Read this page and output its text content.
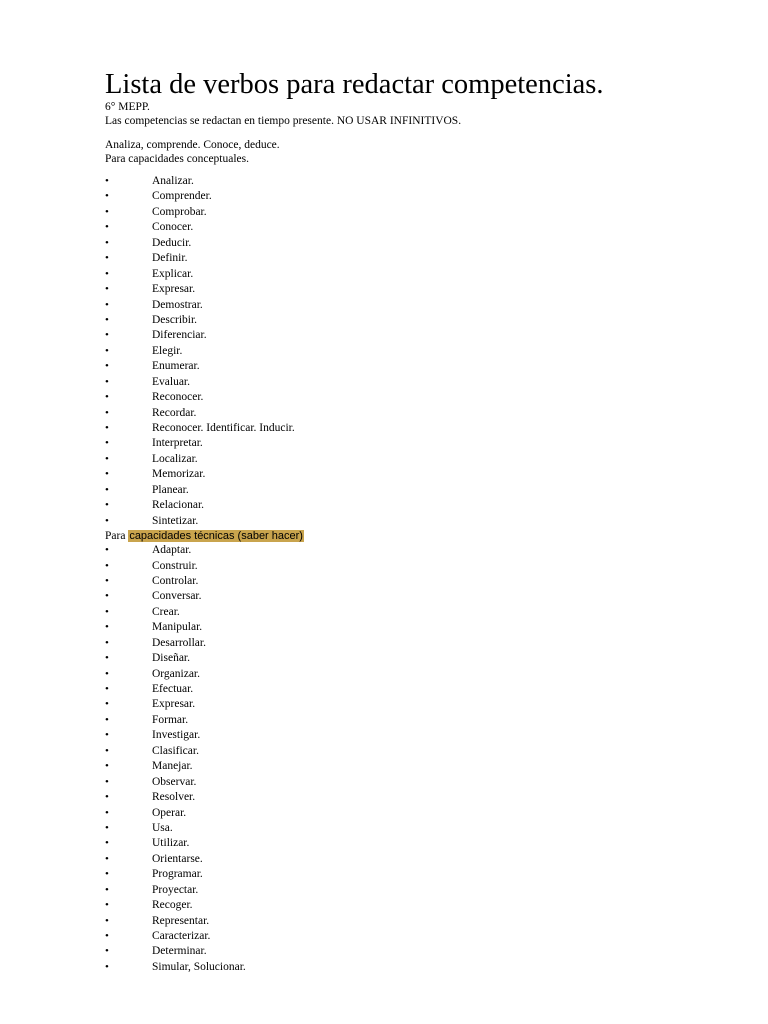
Lista de verbos para redactar competencias.
6° MEPP.
Las competencias se redactan en tiempo presente. NO USAR INFINITIVOS.
Analiza, comprende. Conoce, deduce.
Para capacidades conceptuales.
•	Analizar.
•	Comprender.
•	Comprobar.
•	Conocer.
•	Deducir.
•	Definir.
•	Explicar.
•	Expresar.
•	Demostrar.
•	Describir.
•	Diferenciar.
•	Elegir.
•	Enumerar.
•	Evaluar.
•	Reconocer.
•	Recordar.
•	Reconocer. Identificar. Inducir.
•	Interpretar.
•	Localizar.
•	Memorizar.
•	Planear.
•	Relacionar.
•	Sintetizar.
Para capacidades técnicas (saber hacer)
•	Adaptar.
•	Construir.
•	Controlar.
•	Conversar.
•	Crear.
•	Manipular.
•	Desarrollar.
•	Diseñar.
•	Organizar.
•	Efectuar.
•	Expresar.
•	Formar.
•	Investigar.
•	Clasificar.
•	Manejar.
•	Observar.
•	Resolver.
•	Operar.
•	Usa.
•	Utilizar.
•	Orientarse.
•	Programar.
•	Proyectar.
•	Recoger.
•	Representar.
•	Caracterizar.
•	Determinar.
•	Simular, Solucionar.
